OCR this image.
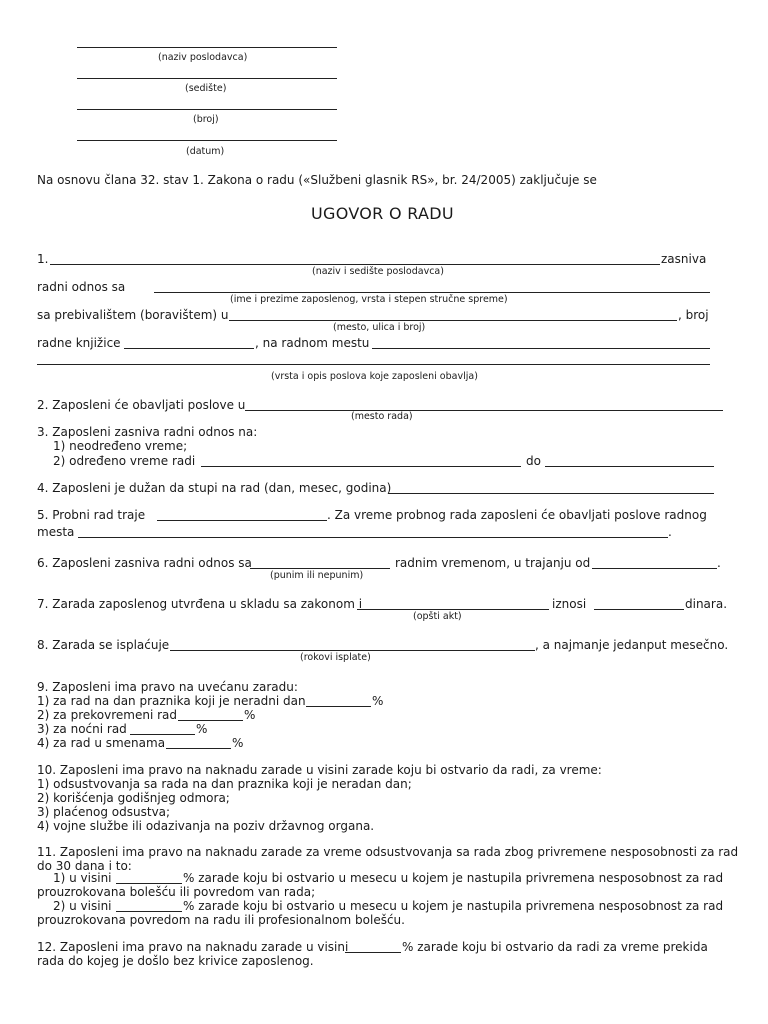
(naziv poslodavca)
(sedište)
(broj)
(datum)
Na osnovu člana 32. stav 1. Zakona o radu («Službeni glasnik RS», br. 24/2005) zaključuje se
UGOVOR O RADU
1.	zasniva
(naziv i sedište poslodavca)
radni odnos sa
(ime i prezime zaposlenog, vrsta i stepen stručne spreme)
sa prebivalištem (boravištem) u	, broj
(mesto, ulica i broj)
radne knjižice	, na radnom mestu
(vrsta i opis poslova koje zaposleni obavlja)
2. Zaposleni će obavljati poslove u
(mesto rada)
3. Zaposleni zasniva radni odnos na:
1) neodređeno vreme;
2) određeno vreme radi	do
4. Zaposleni je dužan da stupi na rad (dan, mesec, godina)
5. Probni rad traje	. Za vreme probnog rada zaposleni će obavljati poslove radnog
mesta	.
6. Zaposleni zasniva radni odnos sa	radnim vremenom, u trajanju od	.
(punim ili nepunim)
7. Zarada zaposlenog utvrđena u skladu sa zakonom i	iznosi	dinara.
(opšti akt)
8. Zarada se isplaćuje	, a najmanje jedanput mesečno.
(rokovi isplate)
9. Zaposleni ima pravo na uvećanu zaradu:
1) za rad na dan praznika koji je neradni dan	%
2) za prekovremeni rad	%
3) za noćni rad	%
4) za rad u smenama	%
10. Zaposleni ima pravo na naknadu zarade u visini zarade koju bi ostvario da radi, za vreme:
1) odsustvovanja sa rada na dan praznika koji je neradan dan;
2) korišćenja godišnjeg odmora;
3) plaćenog odsustva;
4) vojne službe ili odazivanja na poziv državnog organa.
11. Zaposleni ima pravo na naknadu zarade za vreme odsustvovanja sa rada zbog privremene nesposobnosti za rad
do 30 dana i to:
1) u visini	% zarade koju bi ostvario u mesecu u kojem je nastupila privremena nesposobnost za rad
prouzrokovana bolešću ili povredom van rada;
2) u visini	% zarade koju bi ostvario u mesecu u kojem je nastupila privremena nesposobnost za rad
prouzrokovana povredom na radu ili profesionalnom bolešću.
12. Zaposleni ima pravo na naknadu zarade u visini	% zarade koju bi ostvario da radi za vreme prekida
rada do kojeg je došlo bez krivice zaposlenog.
